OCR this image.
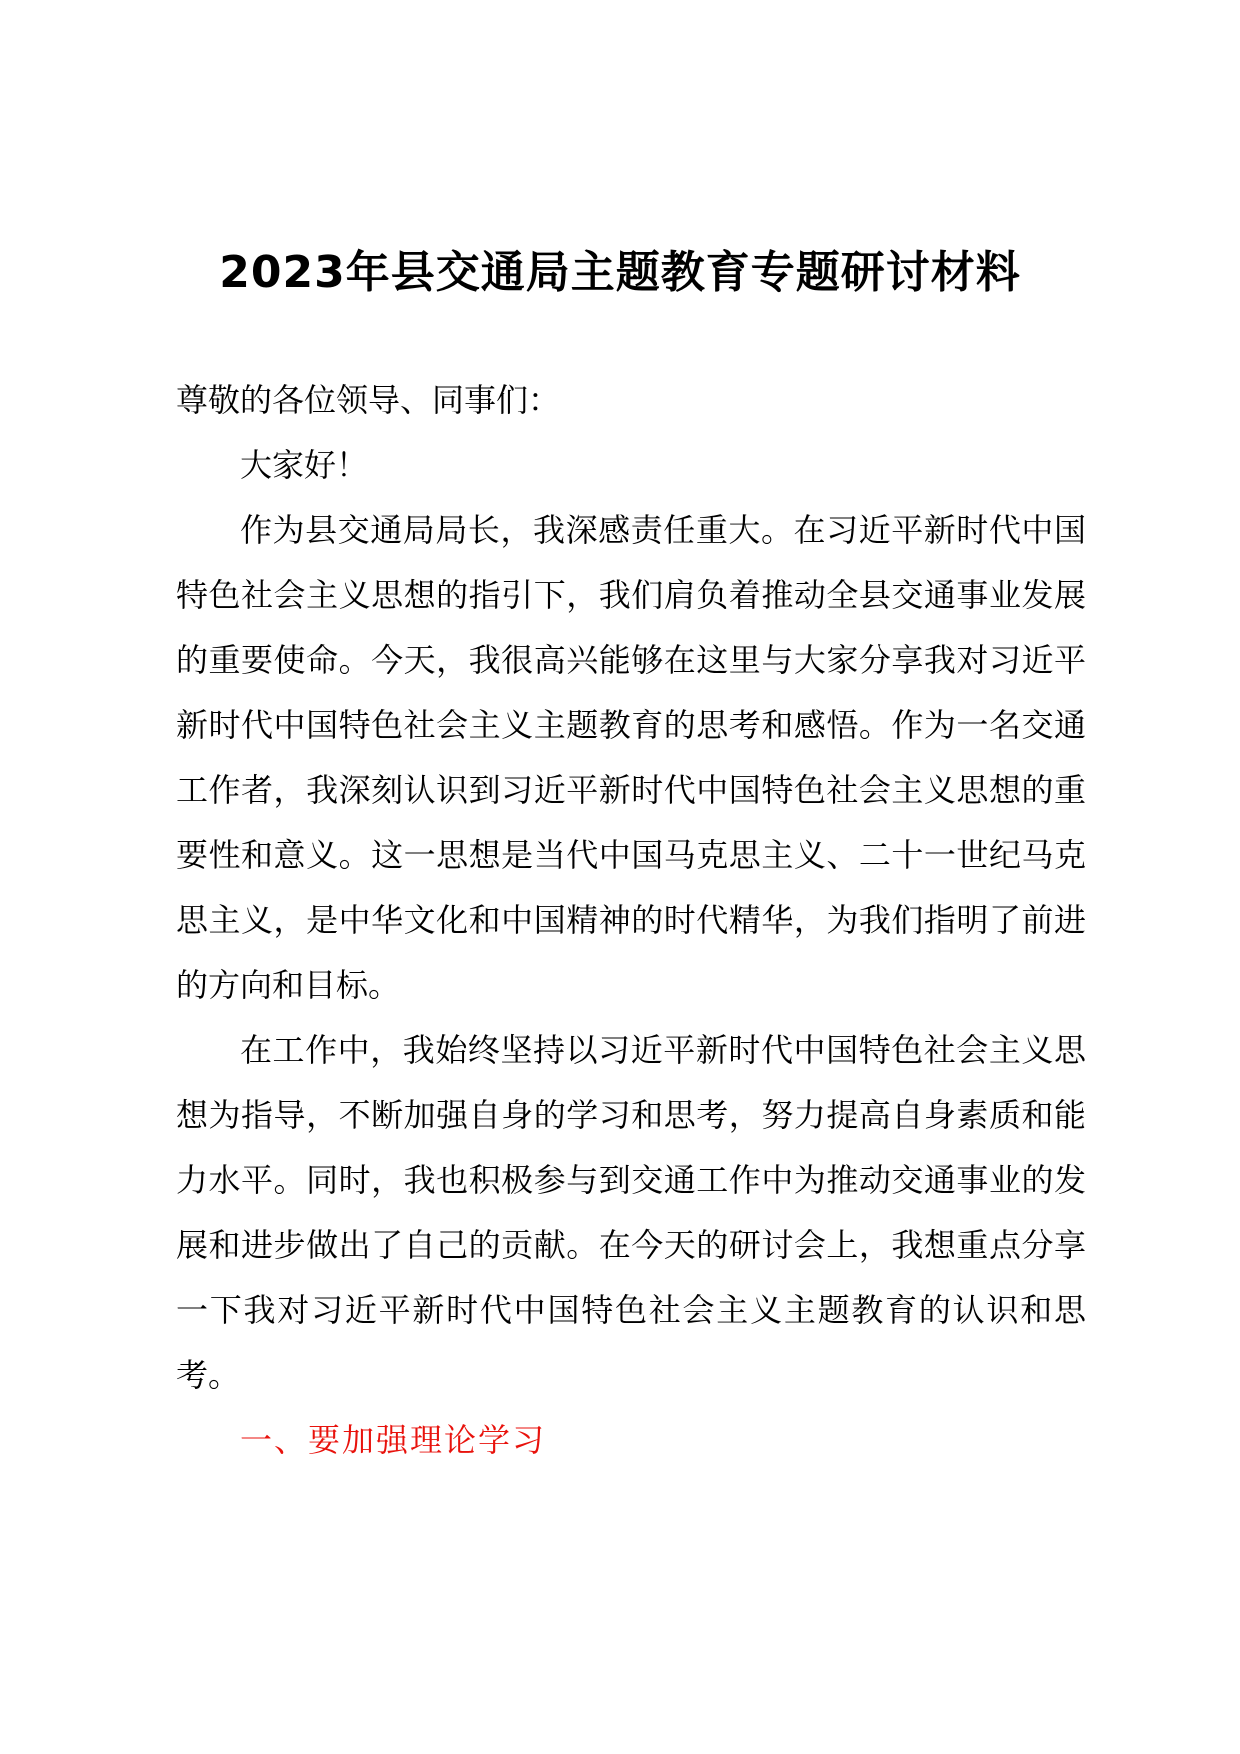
2023年县交通局主题教育专题研讨材料

尊敬的各位领导、同事们：

大家好！

作为县交通局局长，我深感责任重大。在习近平新时代中国特色社会主义思想的指引下，我们肩负着推动全县交通事业发展的重要使命。今天，我很高兴能够在这里与大家分享我对习近平新时代中国特色社会主义主题教育的思考和感悟。作为一名交通工作者，我深刻认识到习近平新时代中国特色社会主义思想的重要性和意义。这一思想是当代中国马克思主义、二十一世纪马克思主义，是中华文化和中国精神的时代精华，为我们指明了前进的方向和目标。

在工作中，我始终坚持以习近平新时代中国特色社会主义思想为指导，不断加强自身的学习和思考，努力提高自身素质和能力水平。同时，我也积极参与到交通工作中为推动交通事业的发展和进步做出了自己的贡献。在今天的研讨会上，我想重点分享一下我对习近平新时代中国特色社会主义主题教育的认识和思考。

一、要加强理论学习
